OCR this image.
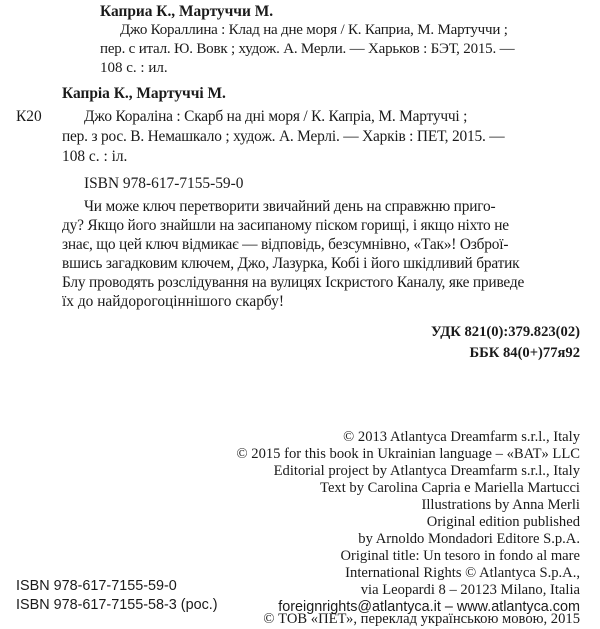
Каприа К., Мартуччи М.
Джо Кораллина : Клад на дне моря / К. Каприа, М. Мартуччи ;
пер. с итал. Ю. Вовк ; худож. А. Мерли. — Харьков : БЭТ, 2015. —
108 с. : ил.
Капріа К., Мартуччі М.
К20	Джо Кораліна : Скарб на дні моря / К. Капріа, М. Мартуччі ;
пер. з рос. В. Немашкало ; худож. А. Мерлі. — Харків : ПЕТ, 2015. —
108 с. : іл.
ISBN 978-617-7155-59-0
Чи може ключ перетворити звичайний день на справжню приго-
ду? Якщо його знайшли на засипаному піском горищі, і якщо ніхто не
знає, що цей ключ відмикає — відповідь, безсумнівно, «Так»! Озброї-
вшись загадковим ключем, Джо, Лазурка, Кобі і його шкідливий братик
Блу проводять розслідування на вулицях Іскристого Каналу, яке приведе
їх до найдорогоціннішого скарбу!
УДК 821(0):379.823(02)
ББК 84(0+)77я92
© 2013 Atlantyca Dreamfarm s.r.l., Italy
© 2015 for this book in Ukrainian language – «BAT» LLC
Editorial project by Atlantyca Dreamfarm s.r.l., Italy
Text by Carolina Capria e Mariella Martucci
Illustrations by Anna Merli
Original edition published
by Arnoldo Mondadori Editore S.p.A.
Original title: Un tesoro in fondo al mare
International Rights © Atlantyca S.p.A.,
via Leopardi 8 – 20123 Milano, Italia
foreignrights@atlantyca.it – www.atlantyca.com
© ТОВ «ПЕТ», переклад українською мовою, 2015
ISBN 978-617-7155-59-0
ISBN 978-617-7155-58-3 (рос.)
